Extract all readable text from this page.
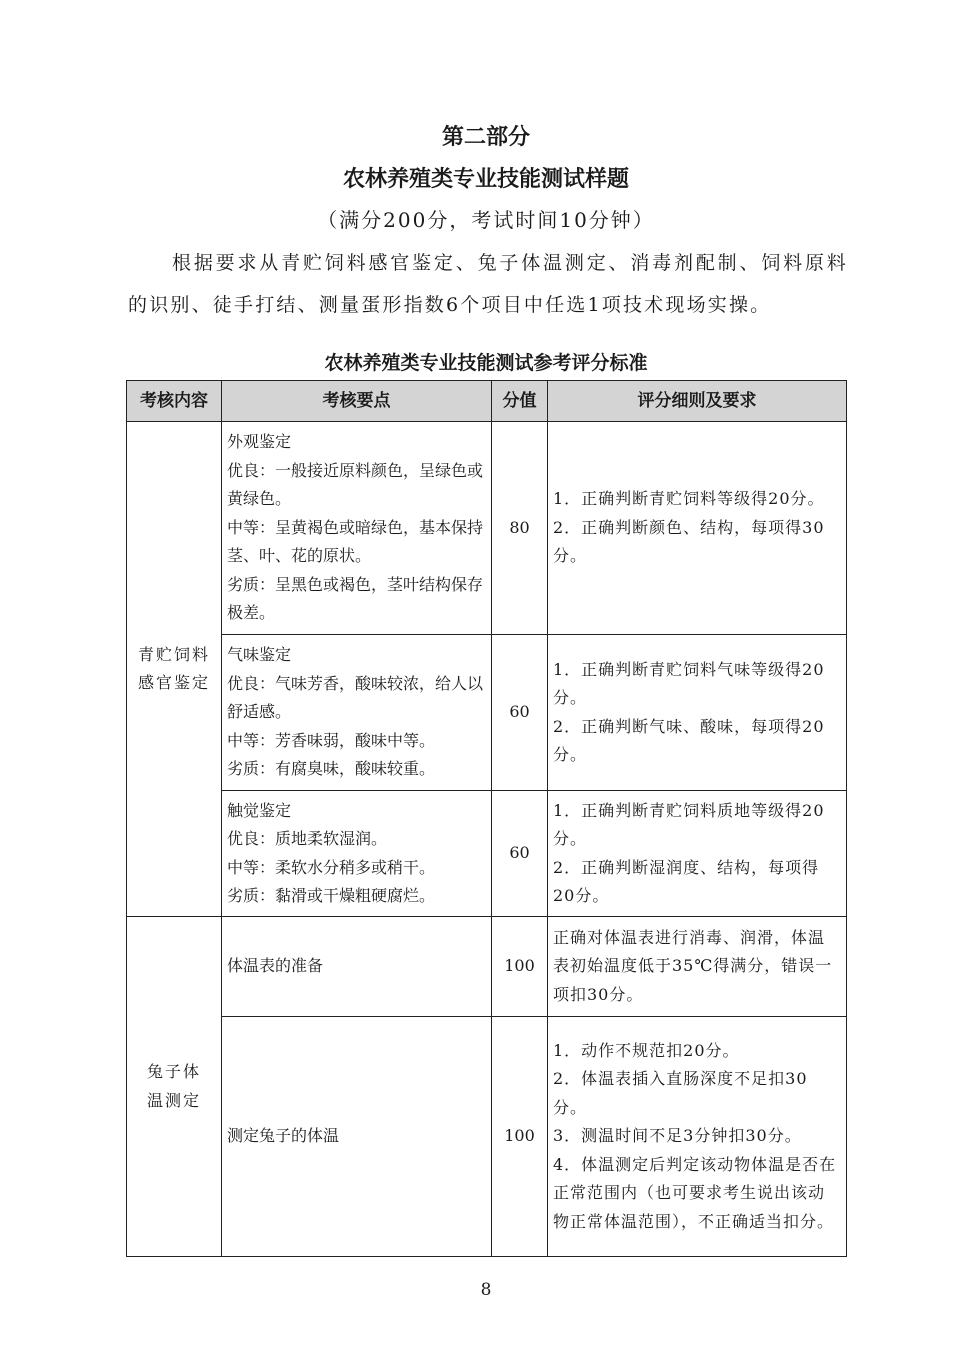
第二部分
农林养殖类专业技能测试样题
（满分200分，考试时间10分钟）
根据要求从青贮饲料感官鉴定、兔子体温测定、消毒剂配制、饲料原料的识别、徒手打结、测量蛋形指数6个项目中任选1项技术现场实操。
农林养殖类专业技能测试参考评分标准
考核内容	考核要点	分值	评分细则及要求

青贮饲料
感官鉴定	外观鉴定
优良：一般接近原料颜色，呈绿色或黄绿色。
中等：呈黄褐色或暗绿色，基本保持茎、叶、花的原状。
劣质：呈黑色或褐色，茎叶结构保存极差。	80	1．正确判断青贮饲料等级得20分。
2．正确判断颜色、结构，每项得30分。

	气味鉴定
优良：气味芳香，酸味较浓，给人以舒适感。
中等：芳香味弱，酸味中等。
劣质：有腐臭味，酸味较重。	60	1．正确判断青贮饲料气味等级得20分。
2．正确判断气味、酸味，每项得20分。

	触觉鉴定
优良：质地柔软湿润。
中等：柔软水分稍多或稍干。
劣质：黏滑或干燥粗硬腐烂。	60	1．正确判断青贮饲料质地等级得20分。
2．正确判断湿润度、结构，每项得20分。

兔子体
温测定	体温表的准备	100	正确对体温表进行消毒、润滑，体温表初始温度低于35℃得满分，错误一项扣30分。

	测定兔子的体温	100	1．动作不规范扣20分。
2．体温表插入直肠深度不足扣30分。
3．测温时间不足3分钟扣30分。
4．体温测定后判定该动物体温是否在正常范围内（也可要求考生说出该动物正常体温范围），不正确适当扣分。
8
